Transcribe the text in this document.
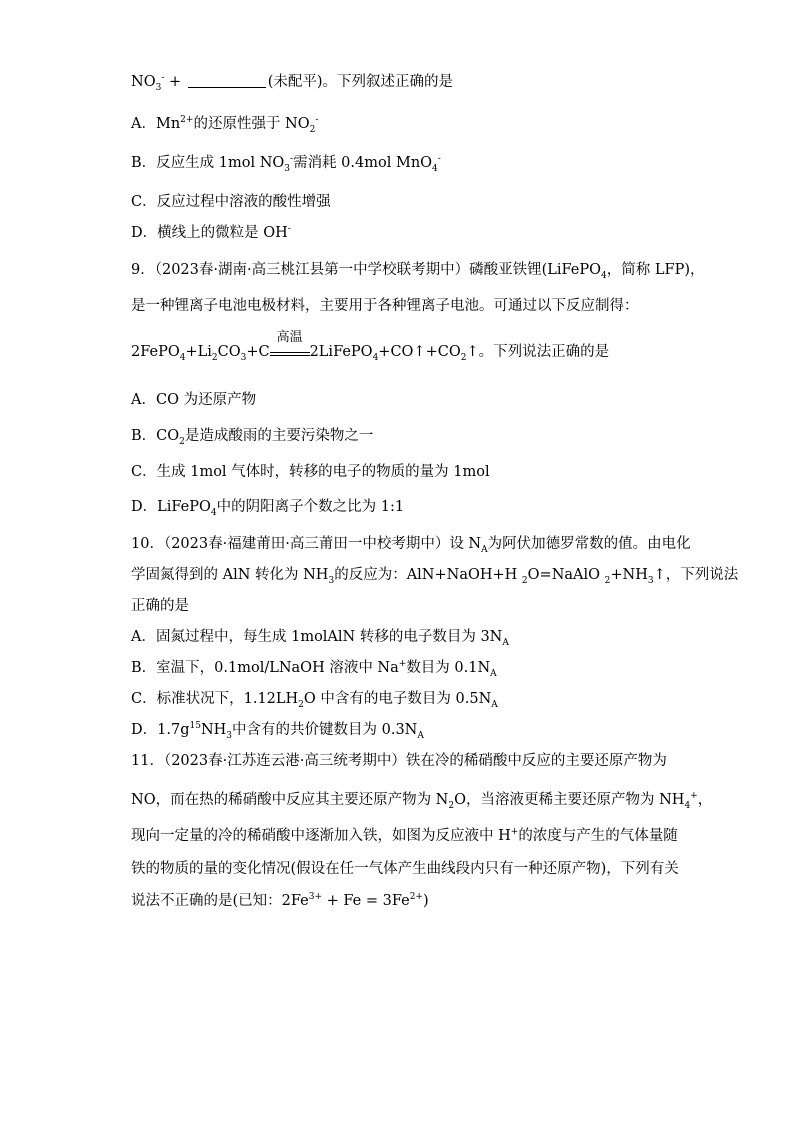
$NO_3^-$ +	(未配平)。下列叙述正确的是
A．$Mn^{2+}$的还原性强于 $NO_2^-$
B．反应生成 1mol $NO_3^-$需消耗 0.4mol MnO$_4$-
C．反应过程中溶液的酸性增强
D．横线上的微粒是 OH-
9．（2023春·湖南·高三桃江县第一中学校联考期中）磷酸亚铁锂(LiFePO$_4$，简称 LFP)，
是一种锂离子电池电极材料，主要用于各种锂离子电池。可通过以下反应制得：
$2FePO_4+Li_2CO_3+C$
高温
$2LiFePO_4+CO↑+CO_2↑$。下列说法正确的是
A．CO 为还原产物
B．$CO_2$是造成酸雨的主要污染物之一
C．生成 1mol 气体时，转移的电子的物质的量为 1mol
D．LiFePO$_4$中的阴阳离子个数之比为 1:1
10．（2023春·福建莆田·高三莆田一中校考期中）设 $N_A$为阿伏加德罗常数的值。由电化
学固氮得到的 AlN 转化为 $NH_3$的反应为：AlN+NaOH+H $_2$O=NaAlO $_2+NH_3↑$，下列说法
正确的是
A．固氮过程中，每生成 1molAlN 转移的电子数目为 $3N_A$
B．室温下，0.1mol/LNaOH 溶液中 Na+数目为 $0.1N_A$
C．标准状况下，$1.12LH_2O$ 中含有的电子数目为 $0.5N_A$
D．$1.7g^{15}NH_3$中含有的共价键数目为 $0.3N_A$
11．（2023春·江苏连云港·高三统考期中）铁在冷的稀硝酸中反应的主要还原产物为
NO，而在热的稀硝酸中反应其主要还原产物为 $N_2O$，当溶液更稀主要还原产物为 $NH_4^+$，
现向一定量的冷的稀硝酸中逐渐加入铁，如图为反应液中 H+的浓度与产生的气体量随
铁的物质的量的变化情况(假设在任一气体产生曲线段内只有一种还原产物)，下列有关
说法不正确的是(已知：$2Fe^{3+} + Fe = 3Fe^{2+}$)
